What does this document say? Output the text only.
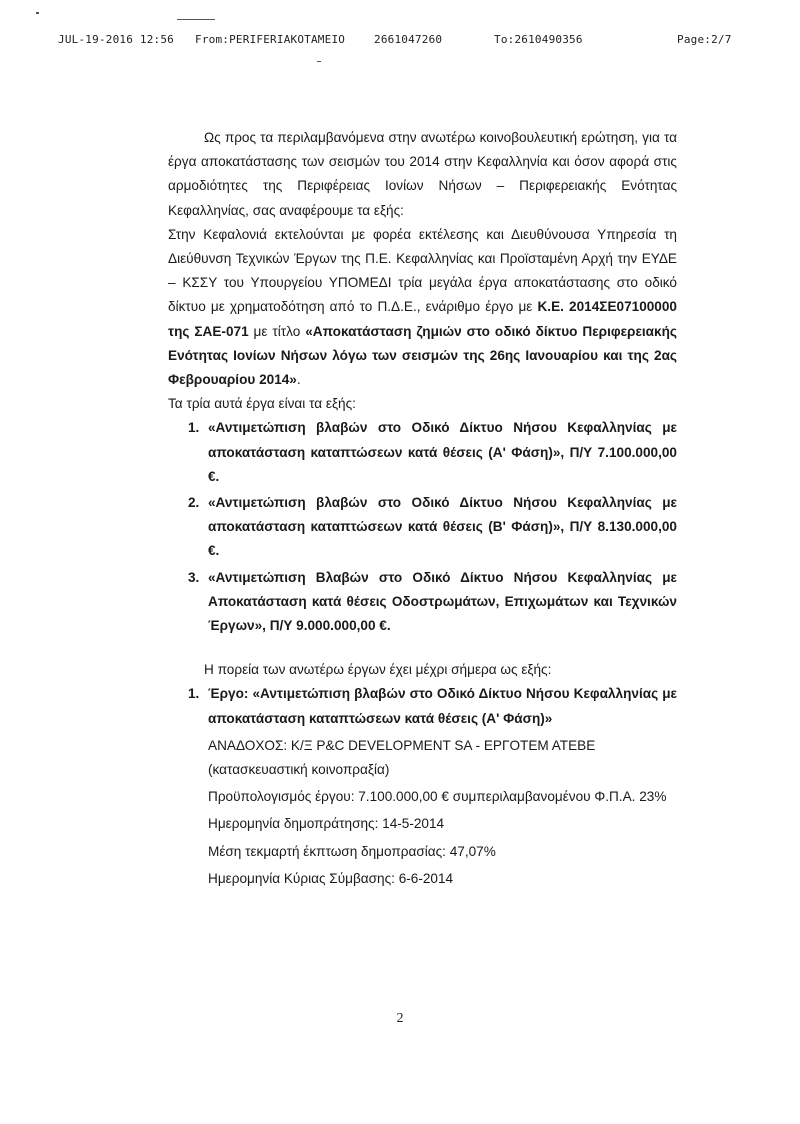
JUL-19-2016 12:56 From:PERIFERIAKOTAMEIO	2661047260	To:2610490356	Page:2/7

Ως προς τα περιλαμβανόμενα στην ανωτέρω κοινοβουλευτική ερώτηση, για τα έργα αποκατάστασης των σεισμών του 2014 στην Κεφαλληνία και όσον αφορά στις αρμοδιότητες της Περιφέρειας Ιονίων Νήσων – Περιφερειακής Ενότητας Κεφαλληνίας, σας αναφέρουμε τα εξής:

Στην Κεφαλονιά εκτελούνται με φορέα εκτέλεσης και Διευθύνουσα Υπηρεσία τη Διεύθυνση Τεχνικών Έργων της Π.Ε. Κεφαλληνίας και Προϊσταμένη Αρχή την ΕΥΔΕ – ΚΣΣΥ του Υπουργείου ΥΠΟΜΕΔΙ τρία μεγάλα έργα αποκατάστασης στο οδικό δίκτυο με χρηματοδότηση από το Π.Δ.Ε., ενάριθμο έργο με Κ.Ε. 2014ΣΕ07100000 της ΣΑΕ-071 με τίτλο «Αποκατάσταση ζημιών στο οδικό δίκτυο Περιφερειακής Ενότητας Ιονίων Νήσων λόγω των σεισμών της 26ης Ιανουαρίου και της 2ας Φεβρουαρίου 2014».

Τα τρία αυτά έργα είναι τα εξής:

1. «Αντιμετώπιση βλαβών στο Οδικό Δίκτυο Νήσου Κεφαλληνίας με αποκατάσταση καταπτώσεων κατά θέσεις (Α' Φάση)», Π/Υ 7.100.000,00 €.
2. «Αντιμετώπιση βλαβών στο Οδικό Δίκτυο Νήσου Κεφαλληνίας με αποκατάσταση καταπτώσεων κατά θέσεις (Β' Φάση)», Π/Υ 8.130.000,00 €.
3. «Αντιμετώπιση Βλαβών στο Οδικό Δίκτυο Νήσου Κεφαλληνίας με Αποκατάσταση κατά θέσεις Οδοστρωμάτων, Επιχωμάτων και Τεχνικών Έργων», Π/Υ 9.000.000,00 €.

Η πορεία των ανωτέρω έργων έχει μέχρι σήμερα ως εξής:

1. Έργο: «Αντιμετώπιση βλαβών στο Οδικό Δίκτυο Νήσου Κεφαλληνίας με αποκατάσταση καταπτώσεων κατά θέσεις (Α' Φάση)»

ΑΝΑΔΟΧΟΣ: Κ/Ξ P&C DEVELOPMENT SA - ΕΡΓΟΤΕΜ ΑΤΕΒΕ (κατασκευαστική κοινοπραξία)

Προϋπολογισμός έργου: 7.100.000,00 € συμπεριλαμβανομένου Φ.Π.Α. 23%

Ημερομηνία δημοπράτησης: 14-5-2014

Μέση τεκμαρτή έκπτωση δημοπρασίας: 47,07%

Ημερομηνία Κύριας Σύμβασης: 6-6-2014

2
